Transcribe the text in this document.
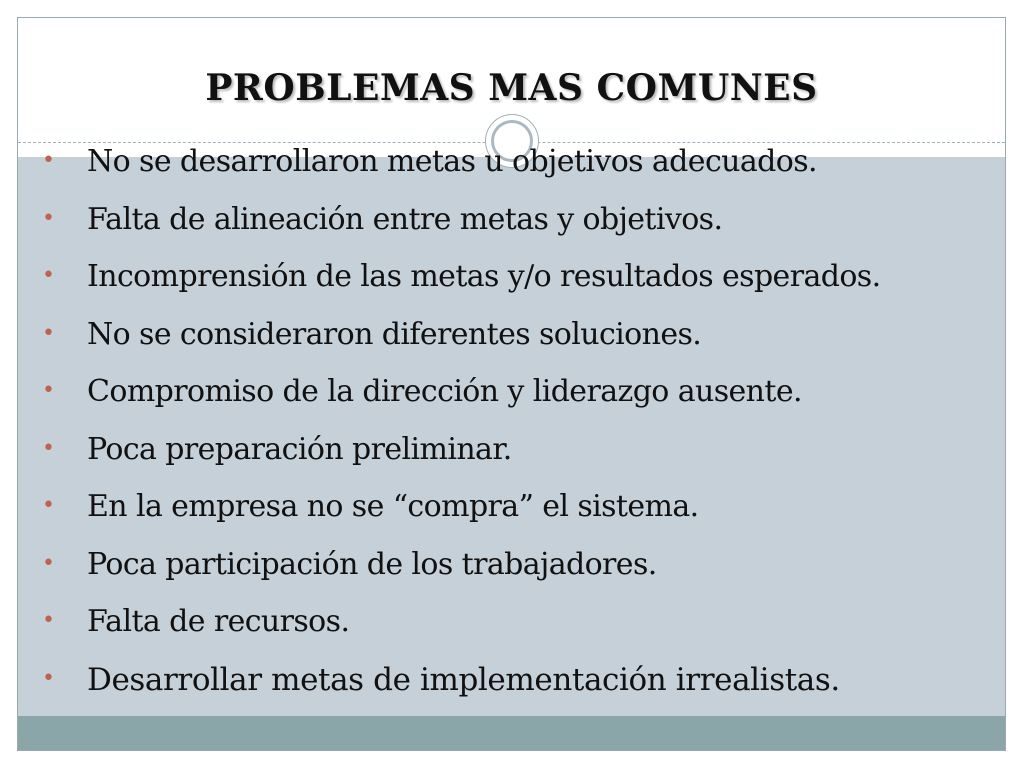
PROBLEMAS MAS COMUNES
• No se desarrollaron metas u objetivos adecuados.
• Falta de alineación entre metas y objetivos.
• Incomprensión de las metas y/o resultados esperados.
• No se consideraron diferentes soluciones.
• Compromiso de la dirección y liderazgo ausente.
• Poca preparación preliminar.
• En la empresa no se “compra” el sistema.
• Poca participación de los trabajadores.
• Falta de recursos.
• Desarrollar metas de implementación irrealistas.
